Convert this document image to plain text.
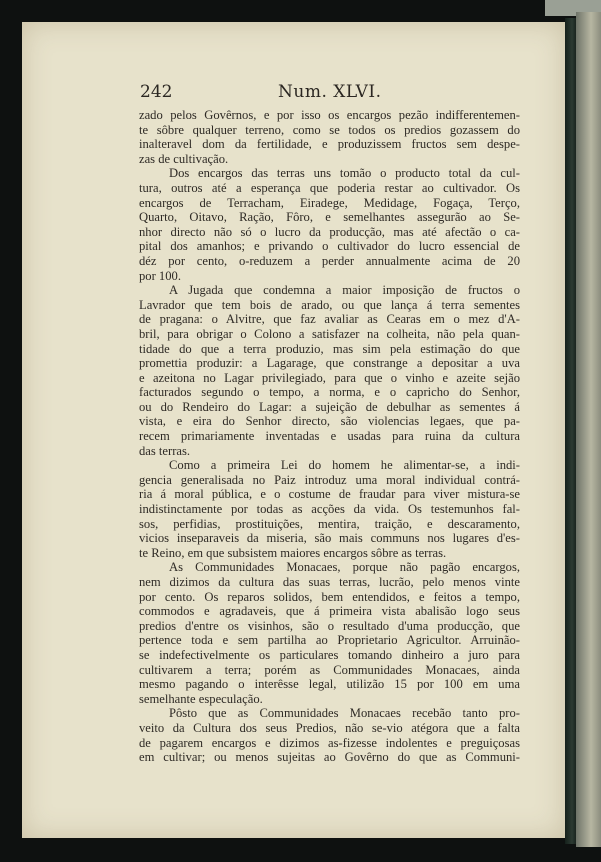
242	Num. XLVI.
zado pelos Govêrnos, e por isso os encargos pezão indifferentemen-
te sôbre qualquer terreno, como se todos os predios gozassem do
inalteravel dom da fertilidade, e produzissem fructos sem despe-
zas de cultivação.
Dos encargos das terras uns tomão o producto total da cul-
tura, outros até a esperança que poderia restar ao cultivador. Os
encargos de Terracham, Eiradege, Medidage, Fogaça, Terço,
Quarto, Oitavo, Ração, Fôro, e semelhantes assegurão ao Se-
nhor directo não só o lucro da producção, mas até afectão o ca-
pital dos amanhos; e privando o cultivador do lucro essencial de
déz por cento, o-reduzem a perder annualmente acima de 20
por 100.
A Jugada que condemna a maior imposição de fructos o
Lavrador que tem bois de arado, ou que lança á terra sementes
de pragana: o Alvitre, que faz avaliar as Cearas em o mez d'A-
bril, para obrigar o Colono a satisfazer na colheita, não pela quan-
tidade do que a terra produzio, mas sim pela estimação do que
promettia produzir: a Lagarage, que constrange a depositar a uva
e azeitona no Lagar privilegiado, para que o vinho e azeite sejão
facturados segundo o tempo, a norma, e o capricho do Senhor,
ou do Rendeiro do Lagar: a sujeição de debulhar as sementes á
vista, e eira do Senhor directo, são violencias legaes, que pa-
recem primariamente inventadas e usadas para ruina da cultura
das terras.
Como a primeira Lei do homem he alimentar-se, a indi-
gencia generalisada no Paiz introduz uma moral individual contrá-
ria á moral pública, e o costume de fraudar para viver mistura-se
indistinctamente por todas as acções da vida. Os testemunhos fal-
sos, perfidias, prostituições, mentira, traição, e descaramento,
vicios inseparaveis da miseria, são mais communs nos lugares d'es-
te Reino, em que subsistem maiores encargos sôbre as terras.
As Communidades Monacaes, porque não pagão encargos,
nem dizimos da cultura das suas terras, lucrão, pelo menos vinte
por cento. Os reparos solidos, bem entendidos, e feitos a tempo,
commodos e agradaveis, que á primeira vista abalisão logo seus
predios d'entre os visinhos, são o resultado d'uma producção, que
pertence toda e sem partilha ao Proprietario Agricultor. Arruinão-
se indefectivelmente os particulares tomando dinheiro a juro para
cultivarem a terra; porém as Communidades Monacaes, ainda
mesmo pagando o interêsse legal, utilizão 15 por 100 em uma
semelhante especulação.
Pôsto que as Communidades Monacaes recebão tanto pro-
veito da Cultura dos seus Predios, não se-vio atégora que a falta
de pagarem encargos e dizimos as-fizesse indolentes e preguiçosas
em cultivar; ou menos sujeitas ao Govêrno do que as Communi-
